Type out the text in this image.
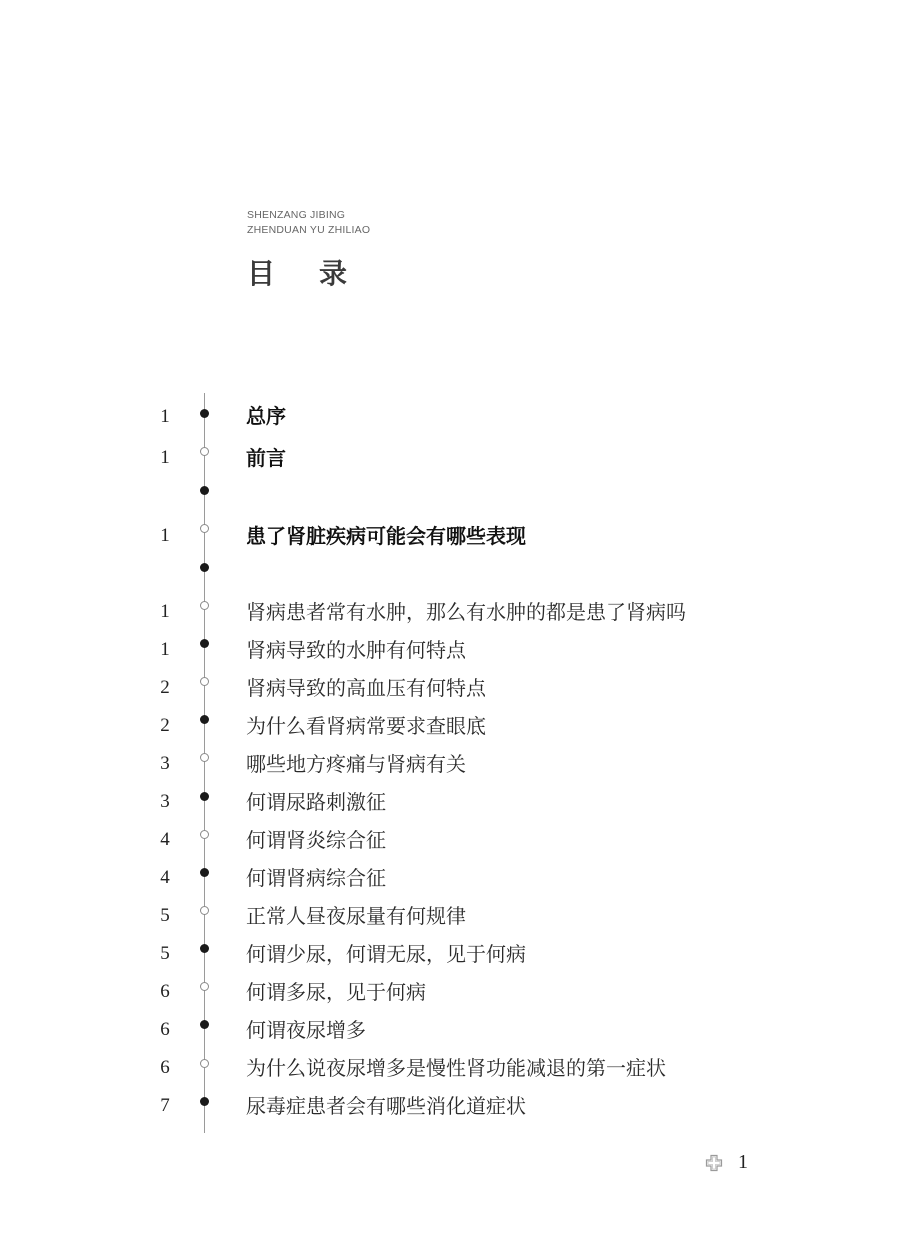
SHENZANG JIBING
ZHENDUAN YU ZHILIAO
目录
1	总序
1	前言
1	患了肾脏疾病可能会有哪些表现
1	肾病患者常有水肿，那么有水肿的都是患了肾病吗
1	肾病导致的水肿有何特点
2	肾病导致的高血压有何特点
2	为什么看肾病常要求查眼底
3	哪些地方疼痛与肾病有关
3	何谓尿路刺激征
4	何谓肾炎综合征
4	何谓肾病综合征
5	正常人昼夜尿量有何规律
5	何谓少尿，何谓无尿，见于何病
6	何谓多尿，见于何病
6	何谓夜尿增多
6	为什么说夜尿增多是慢性肾功能减退的第一症状
7	尿毒症患者会有哪些消化道症状
1
